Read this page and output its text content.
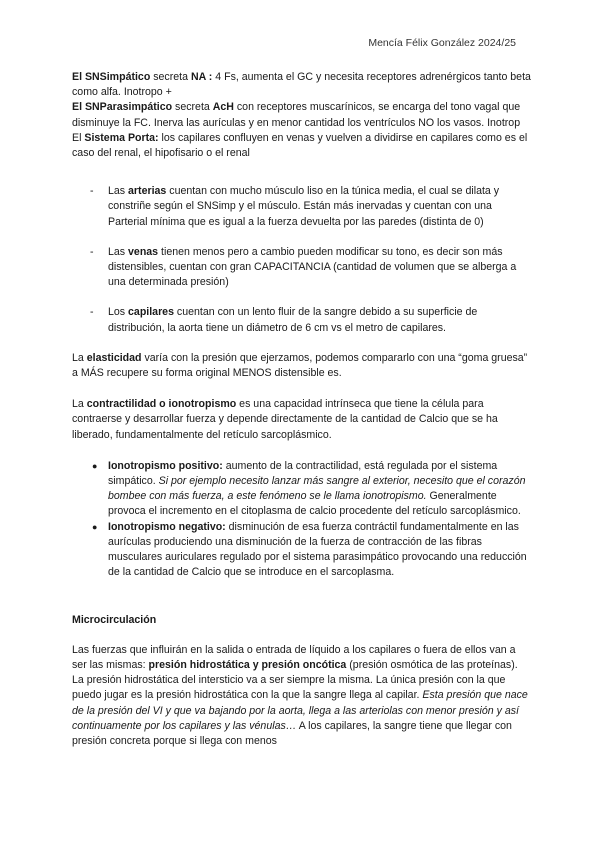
Mencía Félix González 2024/25

El SNSimpático secreta NA : 4 Fs, aumenta el GC y necesita receptores adrenérgicos tanto beta como alfa. Inotropo +

El SNParasimpático secreta AcH con receptores muscarínicos, se encarga del tono vagal que disminuye la FC. Inerva las aurículas y en menor cantidad los ventrículos NO los vasos. Inotrop

El Sistema Porta: los capilares confluyen en venas y vuelven a dividirse en capilares como es el caso del renal, el hipofisario o el renal

- Las arterias cuentan con mucho músculo liso en la túnica media, el cual se dilata y constriñe según el SNSimp y el músculo. Están más inervadas y cuentan con una Parterial mínima que es igual a la fuerza devuelta por las paredes (distinta de 0)
- Las venas tienen menos pero a cambio pueden modificar su tono, es decir son más distensibles, cuentan con gran CAPACITANCIA (cantidad de volumen que se alberga a una determinada presión)
- Los capilares cuentan con un lento fluir de la sangre debido a su superficie de distribución, la aorta tiene un diámetro de 6 cm vs el metro de capilares.

La elasticidad varía con la presión que ejerzamos, podemos compararlo con una “goma gruesa” a MÁS recupere su forma original MENOS distensible es.

La contractilidad o ionotropismo es una capacidad intrínseca que tiene la célula para contraerse y desarrollar fuerza y depende directamente de la cantidad de Calcio que se ha liberado, fundamentalmente del retículo sarcoplásmico.

● Ionotropismo positivo: aumento de la contractilidad, está regulada por el sistema simpático. Si por ejemplo necesito lanzar más sangre al exterior, necesito que el corazón bombee con más fuerza, a este fenómeno se le llama ionotropismo. Generalmente provoca el incremento en el citoplasma de calcio procedente del retículo sarcoplásmico.
● Ionotropismo negativo: disminución de esa fuerza contráctil fundamentalmente en las aurículas produciendo una disminución de la fuerza de contracción de las fibras musculares auriculares regulado por el sistema parasimpático provocando una reducción de la cantidad de Calcio que se introduce en el sarcoplasma.

Microcirculación

Las fuerzas que influirán en la salida o entrada de líquido a los capilares o fuera de ellos van a ser las mismas: presión hidrostática y presión oncótica (presión osmótica de las proteínas). La presión hidrostática del intersticio va a ser siempre la misma. La única presión con la que puedo jugar es la presión hidrostática con la que la sangre llega al capilar. Esta presión que nace de la presión del VI y que va bajando por la aorta, llega a las arteriolas con menor presión y así continuamente por los capilares y las vénulas… A los capilares, la sangre tiene que llegar con presión concreta porque si llega con menos
